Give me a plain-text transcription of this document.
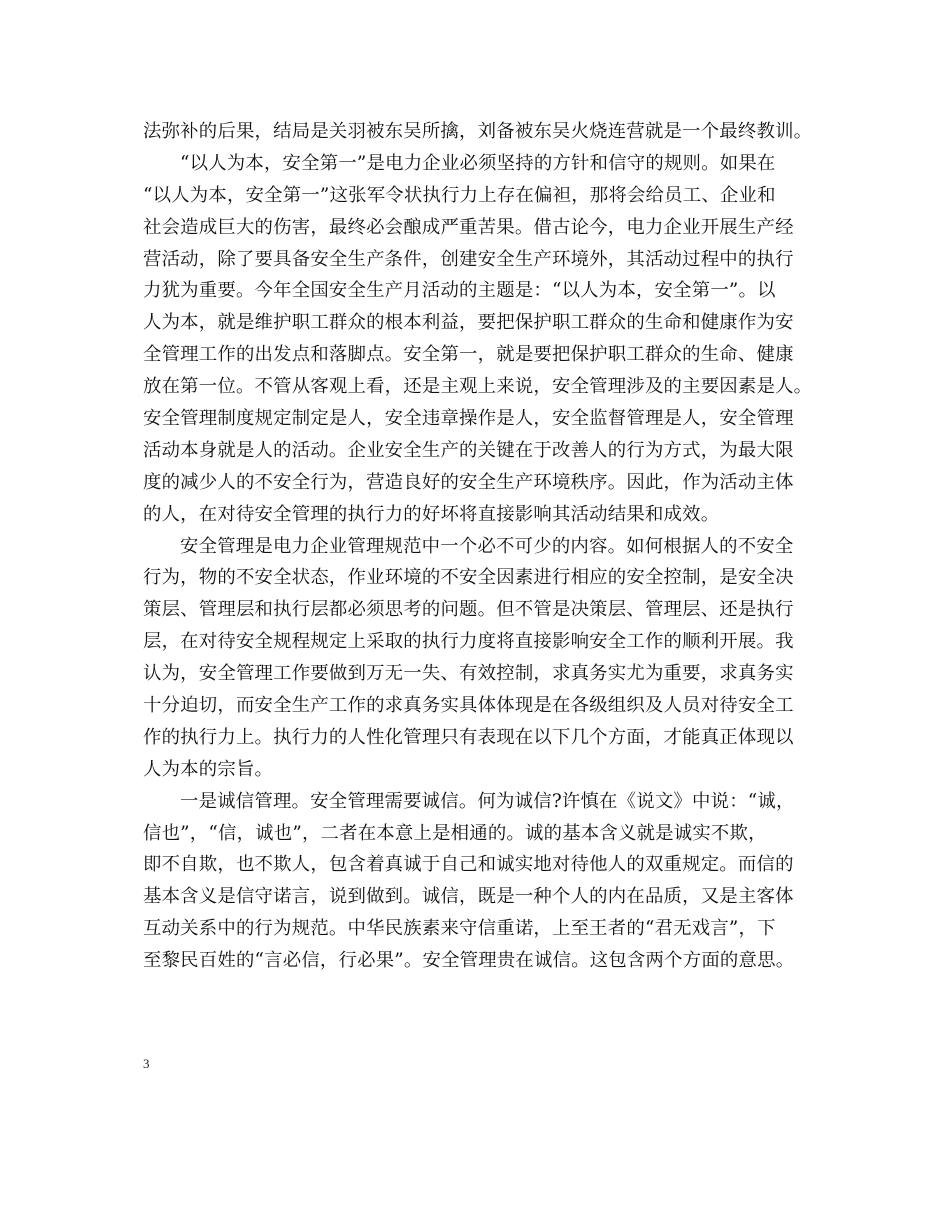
法弥补的后果，结局是关羽被东吴所擒，刘备被东吴火烧连营就是一个最终教训。
“以人为本，安全第一”是电力企业必须坚持的方针和信守的规则。如果在
“以人为本，安全第一”这张军令状执行力上存在偏袒，那将会给员工、企业和
社会造成巨大的伤害，最终必会酿成严重苦果。借古论今，电力企业开展生产经
营活动，除了要具备安全生产条件，创建安全生产环境外，其活动过程中的执行
力犹为重要。今年全国安全生产月活动的主题是：“以人为本，安全第一”。以
人为本，就是维护职工群众的根本利益，要把保护职工群众的生命和健康作为安
全管理工作的出发点和落脚点。安全第一，就是要把保护职工群众的生命、健康
放在第一位。不管从客观上看，还是主观上来说，安全管理涉及的主要因素是人。
安全管理制度规定制定是人，安全违章操作是人，安全监督管理是人，安全管理
活动本身就是人的活动。企业安全生产的关键在于改善人的行为方式，为最大限
度的减少人的不安全行为，营造良好的安全生产环境秩序。因此，作为活动主体
的人，在对待安全管理的执行力的好坏将直接影响其活动结果和成效。
安全管理是电力企业管理规范中一个必不可少的内容。如何根据人的不安全
行为，物的不安全状态，作业环境的不安全因素进行相应的安全控制，是安全决
策层、管理层和执行层都必须思考的问题。但不管是决策层、管理层、还是执行
层，在对待安全规程规定上采取的执行力度将直接影响安全工作的顺利开展。我
认为，安全管理工作要做到万无一失、有效控制，求真务实尤为重要，求真务实
十分迫切，而安全生产工作的求真务实具体体现是在各级组织及人员对待安全工
作的执行力上。执行力的人性化管理只有表现在以下几个方面，才能真正体现以
人为本的宗旨。
一是诚信管理。安全管理需要诚信。何为诚信?许慎在《说文》中说：“诚，
信也”，“信，诚也”，二者在本意上是相通的。诚的基本含义就是诚实不欺，
即不自欺，也不欺人，包含着真诚于自己和诚实地对待他人的双重规定。而信的
基本含义是信守诺言，说到做到。诚信，既是一种个人的内在品质，又是主客体
互动关系中的行为规范。中华民族素来守信重诺，上至王者的“君无戏言”，下
至黎民百姓的“言必信，行必果”。安全管理贵在诚信。这包含两个方面的意思。
3
